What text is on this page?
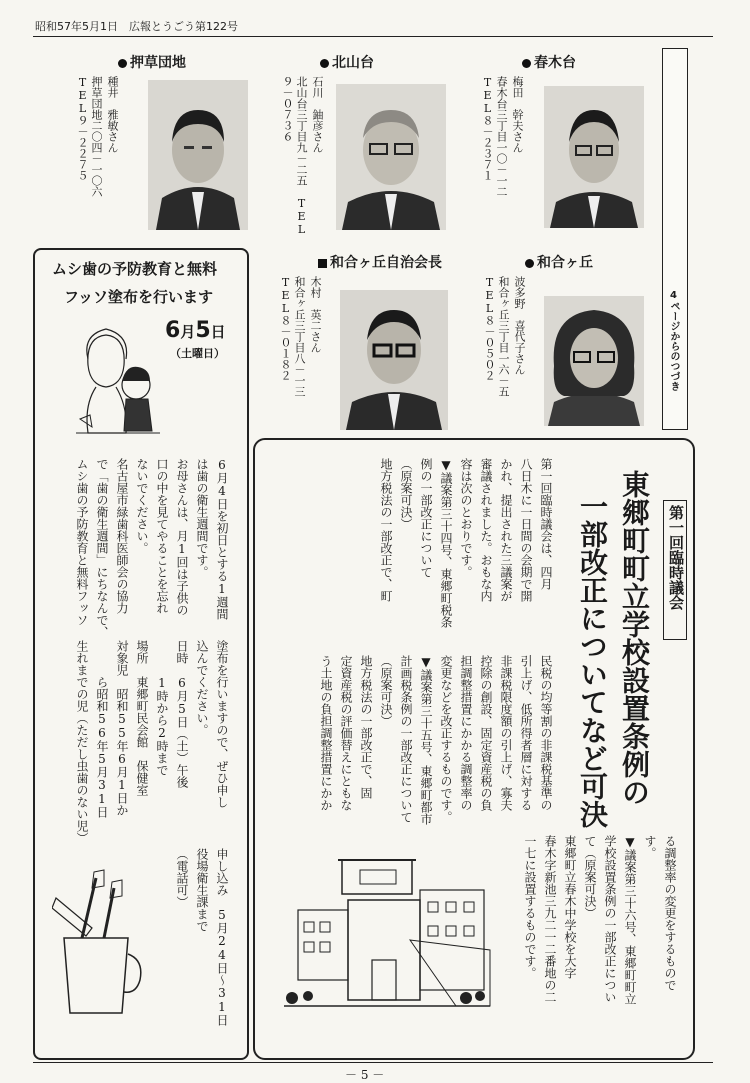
昭和57年5月1日　広報とうごう第122号
押草団地
種井　雅敏さん
押草団地二〇四－一〇六　TEL９－２２７５
北山台
石川　鈾彦さん
北山台三丁目九－二五　TEL９－０７３６
春木台
梅田　幹夫さん
春木台三丁目一〇－一二　TEL８－２３７１
和合ヶ丘自治会長
木村　英二さん
和合ヶ丘三丁目八－一三　TEL８－０１８２
和合ヶ丘
波多野　喜代子さん
和合ヶ丘三丁目一六－五　TEL８－０５０２	4ページからのつづき
ムシ歯の予防教育と無料
フッソ塗布を行います
6月5日
（土曜日）
6月4日を初日とする1週間
は歯の衛生週間です。
お母さんは、月1回は子供の
口の中を見てやることを忘れ
ないでください。
名古屋市緑歯科医師会の協力
で「歯の衛生週間」にちなんで、
ムシ歯の予防教育と無料フッソ
塗布を行いますので、ぜひ申し
込んでください。
日時　6月5日（土）午後
　　　1時から2時まで
場所　東郷町民会館　保健室
対象児　昭和55年6月1日か
　　　ら昭和56年5月31日
生れまでの児（ただし虫歯のない児）
申し込み　5月24日～31日
役場衛生課まで
（電話可）
第一回臨時議会
東郷町町立学校設置条例の
一部改正についてなど可決
第一回臨時議会は、四月
八日木に一日間の会期で開
かれ、提出された三議案が
審議されました。おもな内
容は次のとおりです。
▼議案第三十四号、東郷町税条
例の一部改正について
（原案可決）
地方税法の一部改正で、町
民税の均等割の非課税基準の
引上げ、低所得者層に対する
非課税限度額の引上げ、寡夫
控除の創設、固定資産税の負
担調整措置にかかる調整率の
変更などを改正するものです。
▼議案第三十五号、東郷町都市
計画税条例の一部改正について
（原案可決）
地方税法の一部改正で、固
定資産税の評価替えにともな
う土地の負担調整措置にかか
る調整率の変更をするもので
す。
▼議案第三十六号、東郷町町立
学校設置条例の一部改正につい
て（原案可決）
東郷町立春木中学校を大字
春木字新池三九二一二番地の二
一七に設置するものです。
－ 5 －
